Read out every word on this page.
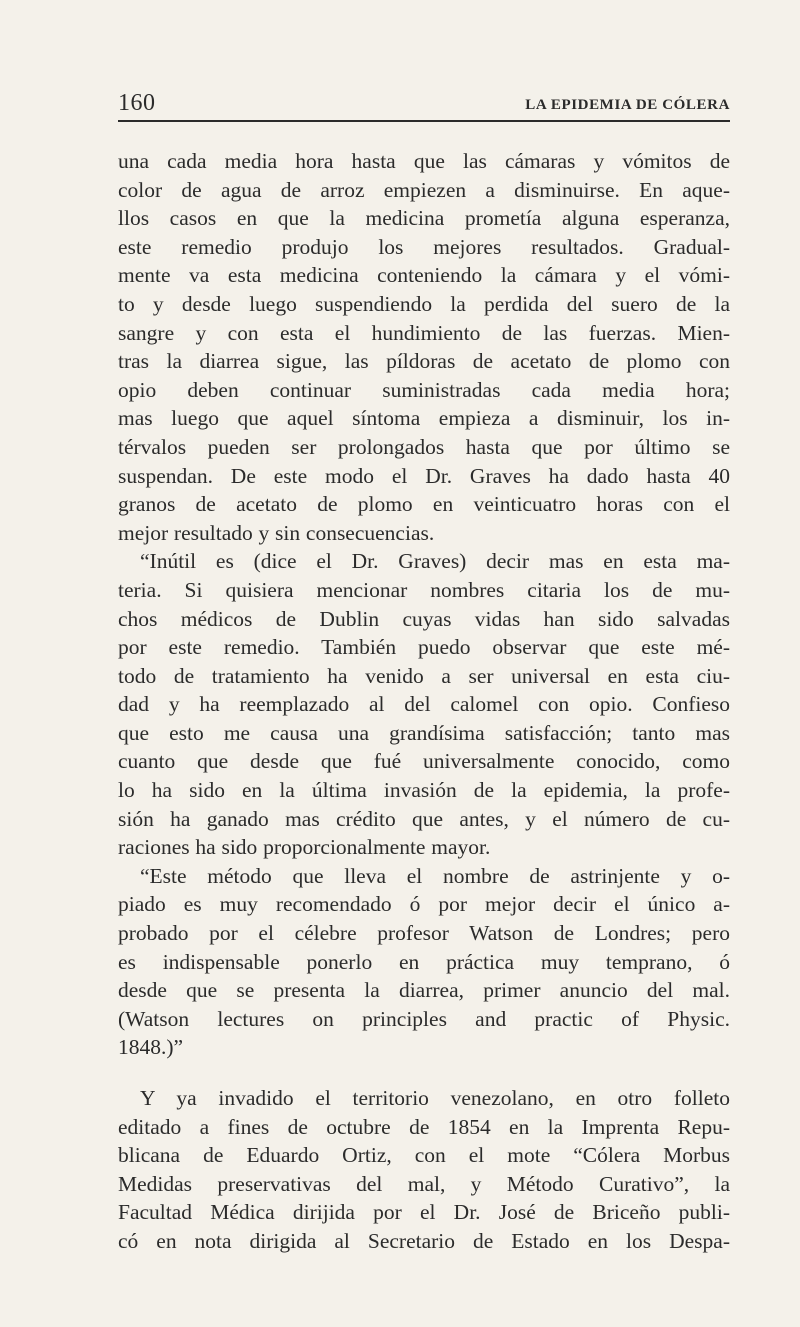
160	LA EPIDEMIA DE CÓLERA

una cada media hora hasta que las cámaras y vómitos de
color de agua de arroz empiezen a disminuirse. En aque-
llos casos en que la medicina prometía alguna esperanza,
este remedio produjo los mejores resultados. Gradual-
mente va esta medicina conteniendo la cámara y el vómi-
to y desde luego suspendiendo la perdida del suero de la
sangre y con esta el hundimiento de las fuerzas. Mien-
tras la diarrea sigue, las píldoras de acetato de plomo con
opio deben continuar suministradas cada media hora;
mas luego que aquel síntoma empieza a disminuir, los in-
térvalos pueden ser prolongados hasta que por último se
suspendan. De este modo el Dr. Graves ha dado hasta 40
granos de acetato de plomo en veinticuatro horas con el
mejor resultado y sin consecuencias.

“Inútil es (dice el Dr. Graves) decir mas en esta ma-
teria. Si quisiera mencionar nombres citaria los de mu-
chos médicos de Dublin cuyas vidas han sido salvadas
por este remedio. También puedo observar que este mé-
todo de tratamiento ha venido a ser universal en esta ciu-
dad y ha reemplazado al del calomel con opio. Confieso
que esto me causa una grandísima satisfacción; tanto mas
cuanto que desde que fué universalmente conocido, como
lo ha sido en la última invasión de la epidemia, la profe-
sión ha ganado mas crédito que antes, y el número de cu-
raciones ha sido proporcionalmente mayor.

“Este método que lleva el nombre de astrinjente y o-
piado es muy recomendado ó por mejor decir el único a-
probado por el célebre profesor Watson de Londres; pero
es indispensable ponerlo en práctica muy temprano, ó
desde que se presenta la diarrea, primer anuncio del mal.
(Watson lectures on principles and practic of Physic.
1848.)”

Y ya invadido el territorio venezolano, en otro folleto
editado a fines de octubre de 1854 en la Imprenta Repu-
blicana de Eduardo Ortiz, con el mote “Cólera Morbus
Medidas preservativas del mal, y Método Curativo”, la
Facultad Médica dirijida por el Dr. José de Briceño publi-
có en nota dirigida al Secretario de Estado en los Despa-
